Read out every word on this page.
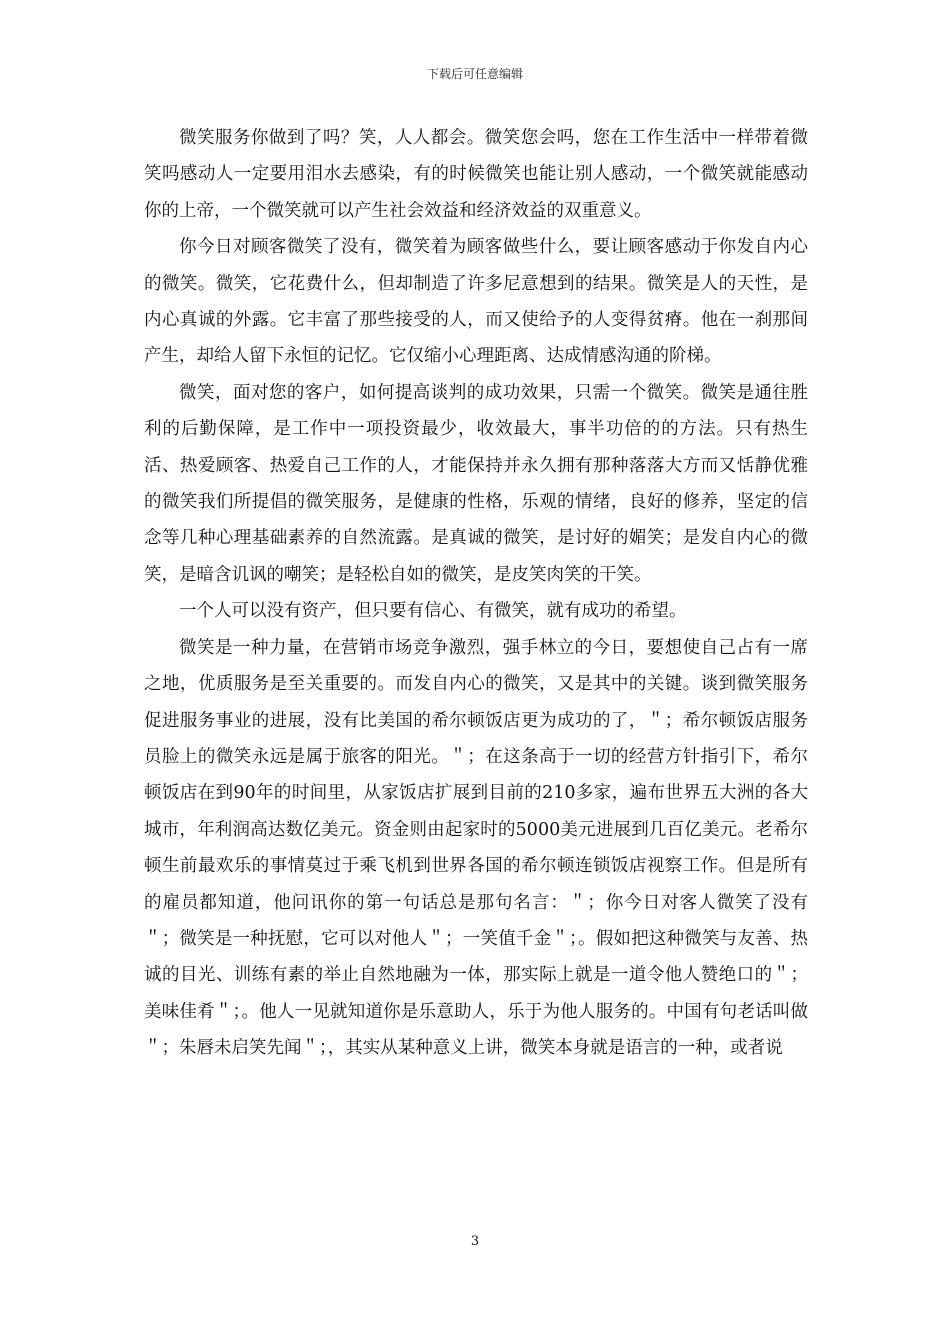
下载后可任意编辑

微笑服务你做到了吗？笑，人人都会。微笑您会吗，您在工作生活中一样带着微笑吗感动人一定要用泪水去感染，有的时候微笑也能让别人感动，一个微笑就能感动你的上帝，一个微笑就可以产生社会效益和经济效益的双重意义。

你今日对顾客微笑了没有，微笑着为顾客做些什么，要让顾客感动于你发自内心的微笑。微笑，它花费什么，但却制造了许多尼意想到的结果。微笑是人的天性，是内心真诚的外露。它丰富了那些接受的人，而又使给予的人变得贫瘠。他在一刹那间产生，却给人留下永恒的记忆。它仅缩小心理距离、达成情感沟通的阶梯。

微笑，面对您的客户，如何提高谈判的成功效果，只需一个微笑。微笑是通往胜利的后勤保障，是工作中一项投资最少，收效最大，事半功倍的的方法。只有热生活、热爱顾客、热爱自己工作的人，才能保持并永久拥有那种落落大方而又恬静优雅的微笑我们所提倡的微笑服务，是健康的性格，乐观的情绪，良好的修养，坚定的信念等几种心理基础素养的自然流露。是真诚的微笑，是讨好的媚笑；是发自内心的微笑，是暗含讥讽的嘲笑；是轻松自如的微笑，是皮笑肉笑的干笑。

一个人可以没有资产，但只要有信心、有微笑，就有成功的希望。

微笑是一种力量，在营销市场竞争激烈，强手林立的今日，要想使自己占有一席之地，优质服务是至关重要的。而发自内心的微笑，又是其中的关键。谈到微笑服务促进服务事业的进展，没有比美国的希尔顿饭店更为成功的了，＂；希尔顿饭店服务员脸上的微笑永远是属于旅客的阳光。＂；在这条高于一切的经营方针指引下，希尔顿饭店在到90年的时间里，从家饭店扩展到目前的210多家，遍布世界五大洲的各大城市，年利润高达数亿美元。资金则由起家时的5000美元进展到几百亿美元。老希尔顿生前最欢乐的事情莫过于乘飞机到世界各国的希尔顿连锁饭店视察工作。但是所有的雇员都知道，他问讯你的第一句话总是那句名言：＂；你今日对客人微笑了没有＂；微笑是一种抚慰，它可以对他人＂；一笑值千金＂；。假如把这种微笑与友善、热诚的目光、训练有素的举止自然地融为一体，那实际上就是一道令他人赞绝口的＂；美味佳肴＂；。他人一见就知道你是乐意助人，乐于为他人服务的。中国有句老话叫做＂；朱唇未启笑先闻＂；，其实从某种意义上讲，微笑本身就是语言的一种，或者说

3
